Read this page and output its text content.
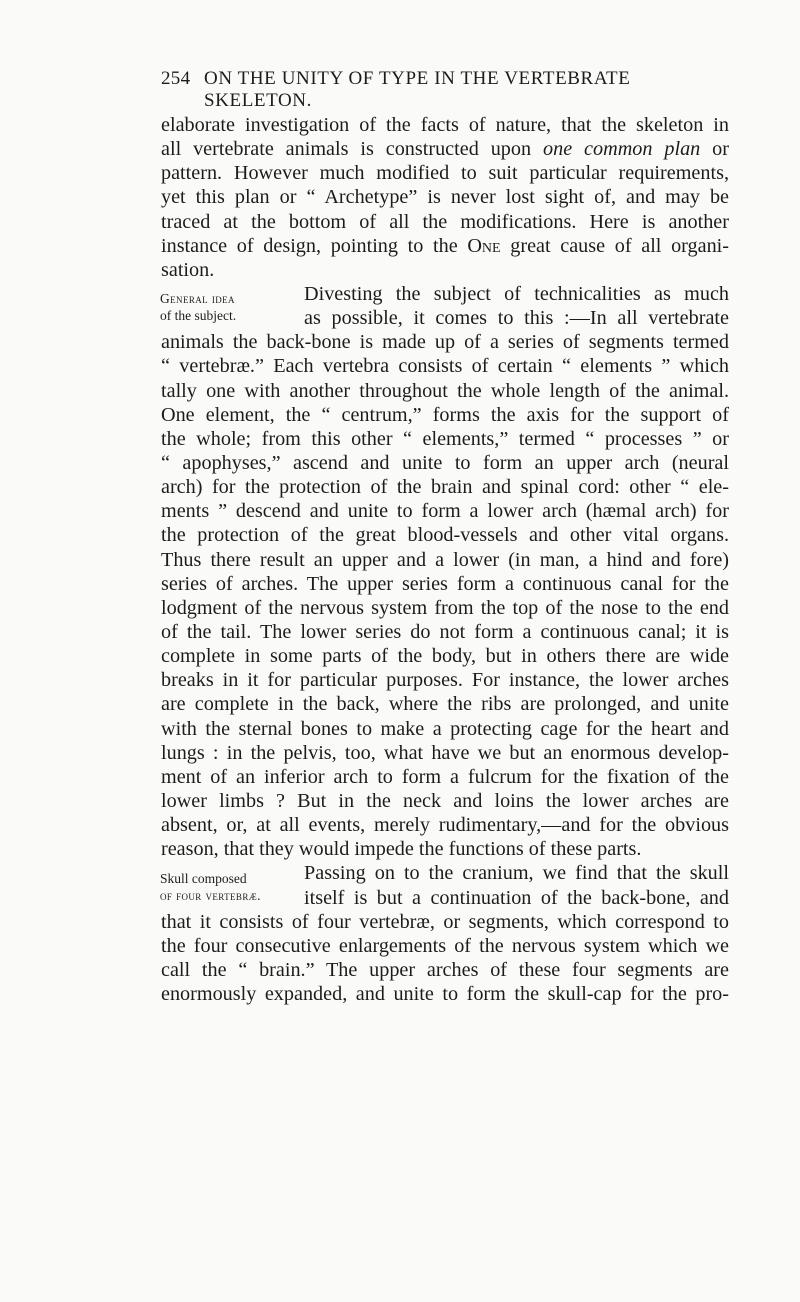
254 ON THE UNITY OF TYPE IN THE VERTEBRATE SKELETON.
General idea
of the subject.
Skull composed
of four vertebræ.
elaborate investigation of the facts of nature, that the skeleton in
all vertebrate animals is constructed upon one common plan or
pattern. However much modified to suit particular requirements,
yet this plan or “ Archetype” is never lost sight of, and may be
traced at the bottom of all the modifications. Here is another
instance of design, pointing to the One great cause of all organi-
sation.
Divesting the subject of technicalities as much
as possible, it comes to this :—In all vertebrate
animals the back-bone is made up of a series of segments termed
“ vertebræ.” Each vertebra consists of certain “ elements ” which
tally one with another throughout the whole length of the animal.
One element, the “ centrum,” forms the axis for the support of
the whole; from this other “ elements,” termed “ processes ” or
“ apophyses,” ascend and unite to form an upper arch (neural
arch) for the protection of the brain and spinal cord: other “ ele-
ments ” descend and unite to form a lower arch (hæmal arch) for
the protection of the great blood-vessels and other vital organs.
Thus there result an upper and a lower (in man, a hind and fore)
series of arches. The upper series form a continuous canal for the
lodgment of the nervous system from the top of the nose to the end
of the tail. The lower series do not form a continuous canal; it is
complete in some parts of the body, but in others there are wide
breaks in it for particular purposes. For instance, the lower arches
are complete in the back, where the ribs are prolonged, and unite
with the sternal bones to make a protecting cage for the heart and
lungs : in the pelvis, too, what have we but an enormous develop-
ment of an inferior arch to form a fulcrum for the fixation of the
lower limbs ? But in the neck and loins the lower arches are
absent, or, at all events, merely rudimentary,—and for the obvious
reason, that they would impede the functions of these parts.
Passing on to the cranium, we find that the skull
itself is but a continuation of the back-bone, and
that it consists of four vertebræ, or segments, which correspond to
the four consecutive enlargements of the nervous system which we
call the “ brain.” The upper arches of these four segments are
enormously expanded, and unite to form the skull-cap for the pro-
